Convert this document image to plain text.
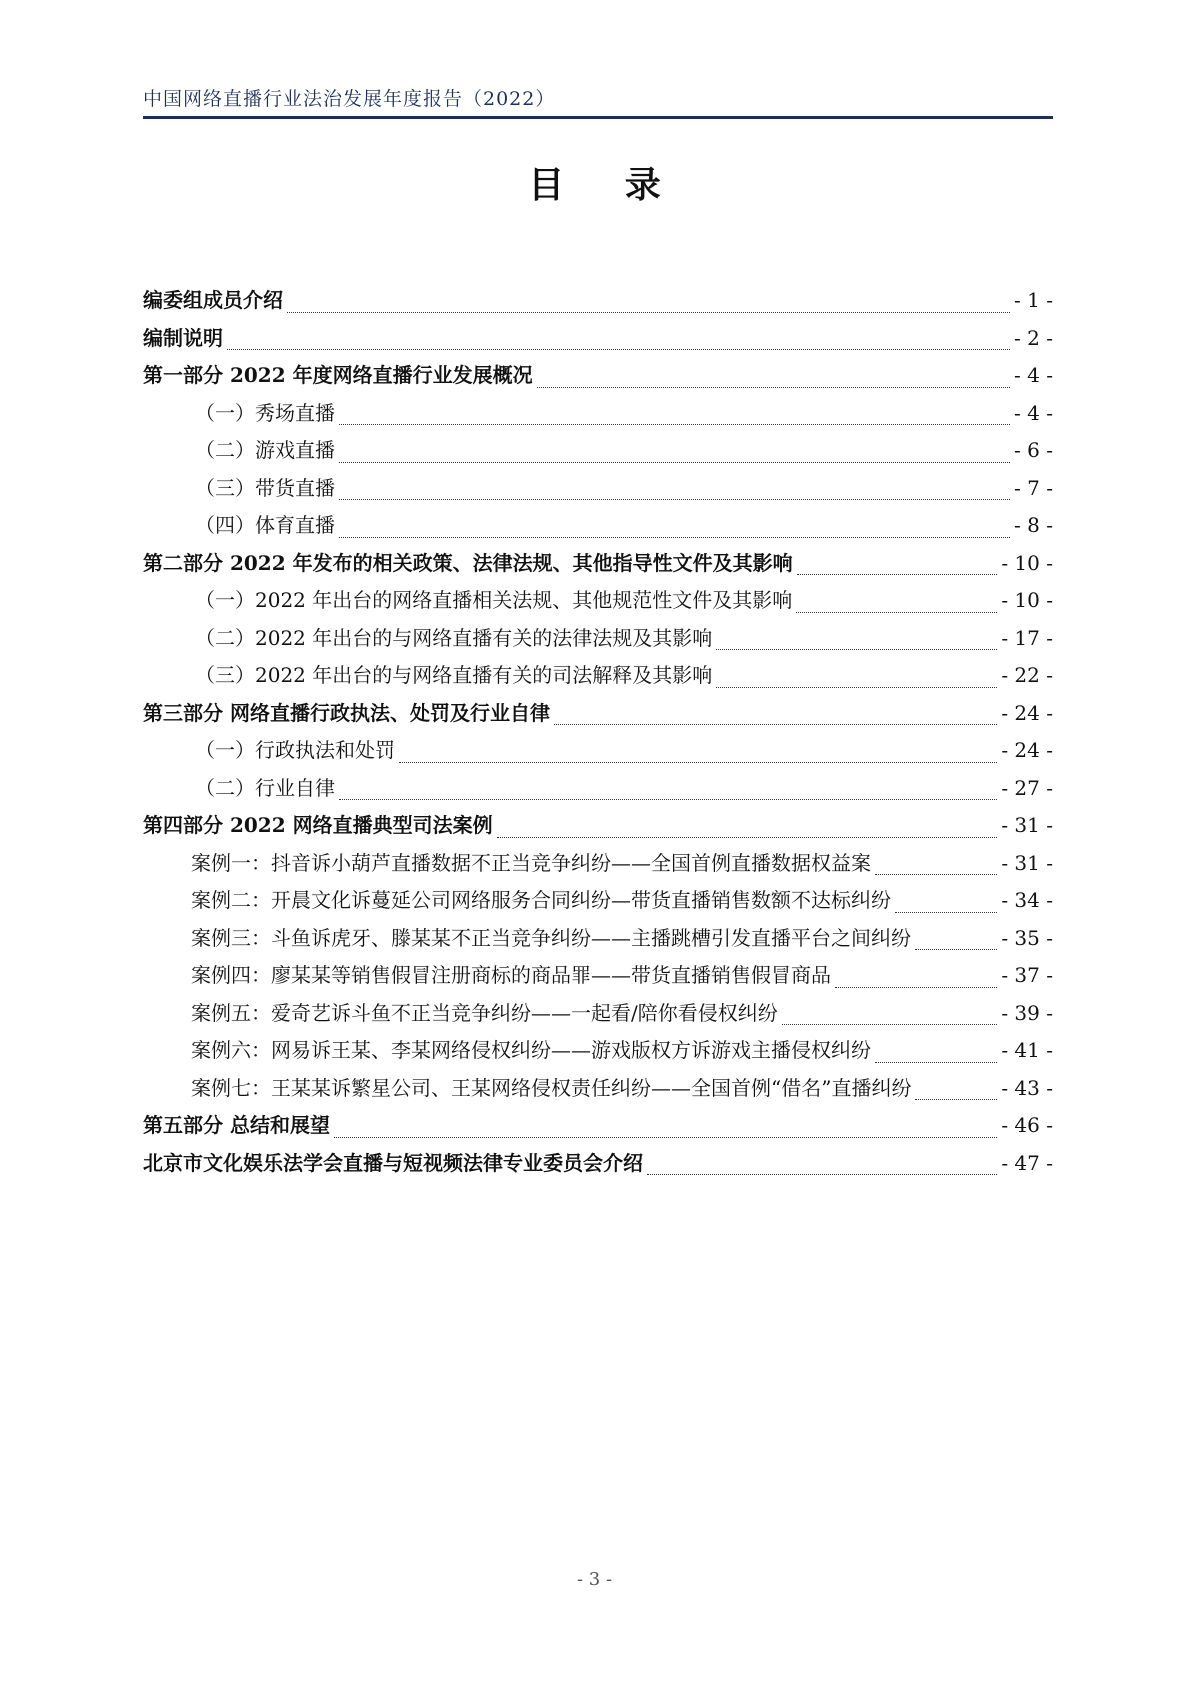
中国网络直播行业法治发展年度报告（2022）
目 录
编委组成员介绍	- 1 -
编制说明	- 2 -
第一部分 2022 年度网络直播行业发展概况	- 4 -
（一）秀场直播	- 4 -
（二）游戏直播	- 6 -
（三）带货直播	- 7 -
（四）体育直播	- 8 -
第二部分 2022 年发布的相关政策、法律法规、其他指导性文件及其影响	- 10 -
（一）2022 年出台的网络直播相关法规、其他规范性文件及其影响	- 10 -
（二）2022 年出台的与网络直播有关的法律法规及其影响	- 17 -
（三）2022 年出台的与网络直播有关的司法解释及其影响	- 22 -
第三部分 网络直播行政执法、处罚及行业自律	- 24 -
（一）行政执法和处罚	- 24 -
（二）行业自律	- 27 -
第四部分 2022 网络直播典型司法案例	- 31 -
案例一：抖音诉小葫芦直播数据不正当竞争纠纷——全国首例直播数据权益案	- 31 -
案例二：开晨文化诉蔓延公司网络服务合同纠纷—带货直播销售数额不达标纠纷	- 34 -
案例三：斗鱼诉虎牙、滕某某不正当竞争纠纷——主播跳槽引发直播平台之间纠纷	- 35 -
案例四：廖某某等销售假冒注册商标的商品罪——带货直播销售假冒商品	- 37 -
案例五：爱奇艺诉斗鱼不正当竞争纠纷——一起看/陪你看侵权纠纷	- 39 -
案例六：网易诉王某、李某网络侵权纠纷——游戏版权方诉游戏主播侵权纠纷	- 41 -
案例七：王某某诉繁星公司、王某网络侵权责任纠纷——全国首例“借名”直播纠纷	- 43 -
第五部分 总结和展望	- 46 -
北京市文化娱乐法学会直播与短视频法律专业委员会介绍	- 47 -
- 3 -
